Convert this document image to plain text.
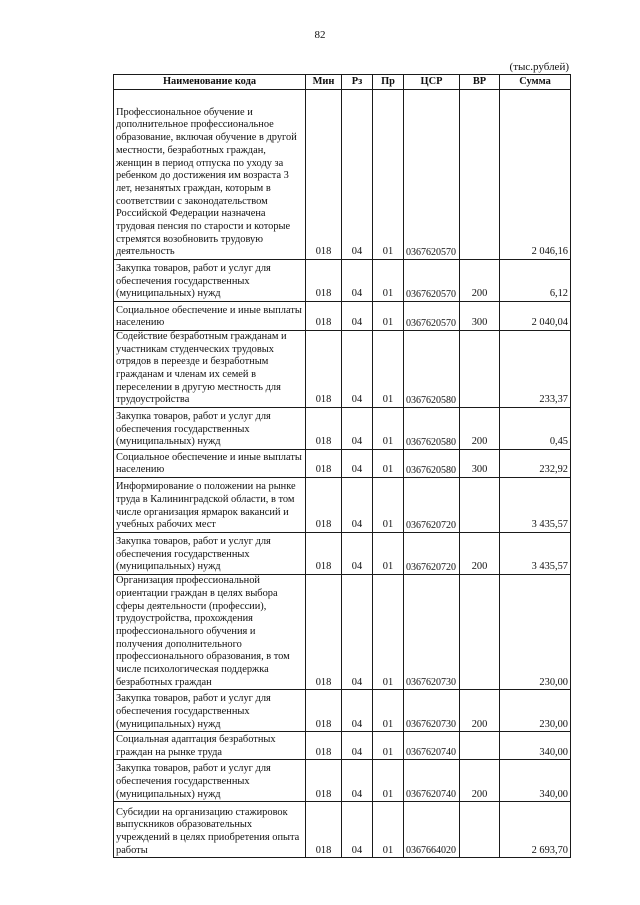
82
(тыс.рублей)
Наименование кода	Мин	Рз	Пр	ЦСР	ВР	Сумма

Профессиональное обучение и дополнительное профессиональное образование, включая обучение в другой местности, безработных граждан, женщин в период отпуска по уходу за ребенком до достижения им возраста 3 лет, незанятых граждан, которым в соответствии с законодательством Российской Федерации назначена трудовая пенсия по старости и которые стремятся возобновить трудовую деятельность	018	04	01	0367620570		2 046,16

Закупка товаров, работ и услуг для обеспечения государственных (муниципальных) нужд	018	04	01	0367620570	200	6,12

Социальное обеспечение и иные выплаты населению	018	04	01	0367620570	300	2 040,04

Содействие безработным гражданам и участникам студенческих трудовых отрядов в переезде и безработным гражданам и членам их семей в переселении в другую местность для трудоустройства	018	04	01	0367620580		233,37

Закупка товаров, работ и услуг для обеспечения государственных (муниципальных) нужд	018	04	01	0367620580	200	0,45

Социальное обеспечение и иные выплаты населению	018	04	01	0367620580	300	232,92

Информирование о положении на рынке труда в Калининградской области, в том числе организация ярмарок вакансий и учебных рабочих мест	018	04	01	0367620720		3 435,57

Закупка товаров, работ и услуг для обеспечения государственных (муниципальных) нужд	018	04	01	0367620720	200	3 435,57

Организация профессиональной ориентации граждан в целях выбора сферы деятельности (профессии), трудоустройства, прохождения профессионального обучения и получения дополнительного профессионального образования, в том числе психологическая поддержка безработных граждан	018	04	01	0367620730		230,00

Закупка товаров, работ и услуг для обеспечения государственных (муниципальных) нужд	018	04	01	0367620730	200	230,00

Социальная адаптация безработных граждан на рынке труда	018	04	01	0367620740		340,00

Закупка товаров, работ и услуг для обеспечения государственных (муниципальных) нужд	018	04	01	0367620740	200	340,00

Субсидии на организацию стажировок выпускников образовательных учреждений в целях приобретения опыта работы	018	04	01	0367664020		2 693,70
